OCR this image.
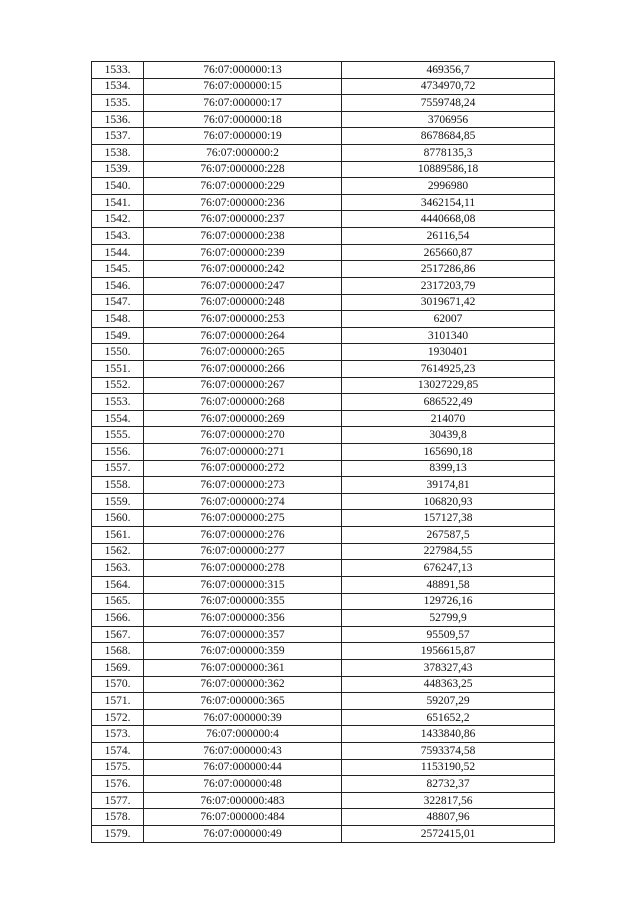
1533.	76:07:000000:13	469356,7
1534.	76:07:000000:15	4734970,72
1535.	76:07:000000:17	7559748,24
1536.	76:07:000000:18	3706956
1537.	76:07:000000:19	8678684,85
1538.	76:07:000000:2	8778135,3
1539.	76:07:000000:228	10889586,18
1540.	76:07:000000:229	2996980
1541.	76:07:000000:236	3462154,11
1542.	76:07:000000:237	4440668,08
1543.	76:07:000000:238	26116,54
1544.	76:07:000000:239	265660,87
1545.	76:07:000000:242	2517286,86
1546.	76:07:000000:247	2317203,79
1547.	76:07:000000:248	3019671,42
1548.	76:07:000000:253	62007
1549.	76:07:000000:264	3101340
1550.	76:07:000000:265	1930401
1551.	76:07:000000:266	7614925,23
1552.	76:07:000000:267	13027229,85
1553.	76:07:000000:268	686522,49
1554.	76:07:000000:269	214070
1555.	76:07:000000:270	30439,8
1556.	76:07:000000:271	165690,18
1557.	76:07:000000:272	8399,13
1558.	76:07:000000:273	39174,81
1559.	76:07:000000:274	106820,93
1560.	76:07:000000:275	157127,38
1561.	76:07:000000:276	267587,5
1562.	76:07:000000:277	227984,55
1563.	76:07:000000:278	676247,13
1564.	76:07:000000:315	48891,58
1565.	76:07:000000:355	129726,16
1566.	76:07:000000:356	52799,9
1567.	76:07:000000:357	95509,57
1568.	76:07:000000:359	1956615,87
1569.	76:07:000000:361	378327,43
1570.	76:07:000000:362	448363,25
1571.	76:07:000000:365	59207,29
1572.	76:07:000000:39	651652,2
1573.	76:07:000000:4	1433840,86
1574.	76:07:000000:43	7593374,58
1575.	76:07:000000:44	1153190,52
1576.	76:07:000000:48	82732,37
1577.	76:07:000000:483	322817,56
1578.	76:07:000000:484	48807,96
1579.	76:07:000000:49	2572415,01
